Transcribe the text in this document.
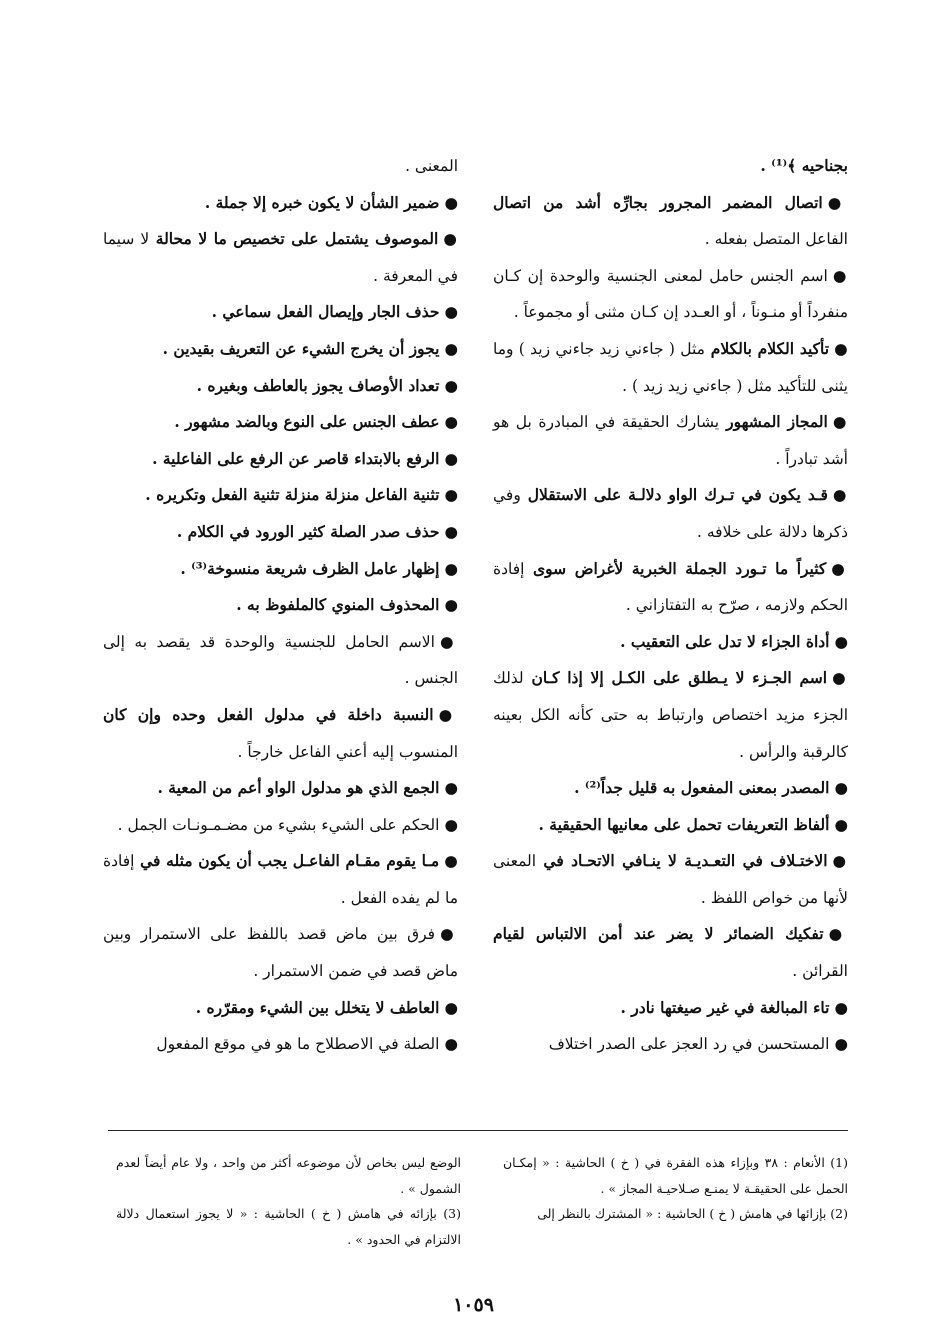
بجناحيه ﴾⁽¹⁾ .

●اتصال المضمر المجرور بجارِّه أشد من اتصال الفاعل المتصل بفعله .

●اسم الجنس حامل لمعنى الجنسية والوحدة إن كـان منفرداً أو منـوناً ، أو العـدد إن كـان مثنى أو مجموعاً .

●تأكيد الكلام بالكلام مثل ( جاءني زيد جاءني زيد ) وما يثنى للتأكيد مثل ( جاءني زيد زيد ) .

●المجاز المشهور يشارك الحقيقة في المبادرة بل هو أشد تبادراً .

●قـد يكون في تـرك الواو دلالـة على الاستقلال وفي ذكرها دلالة على خلافه .

●كثيراً ما تـورد الجملة الخبرية لأغراض سوى إفادة الحكم ولازمه ، صرّح به التفتازاني .

●أداة الجزاء لا تدل على التعقيب .

●اسم الجـزء لا يـطلق على الكـل إلا إذا كـان لذلك الجزء مزيد اختصاص وارتباط به حتى كأنه الكل بعينه كالرقبة والرأس .

●المصدر بمعنى المفعول به قليل جداً⁽²⁾ .

●ألفاظ التعريفات تحمل على معانيها الحقيقية .

●الاختـلاف في التعـديـة لا ينـافي الاتحـاد في المعنى لأنها من خواص اللفظ .

●تفكيك الضمائر لا يضر عند أمن الالتباس لقيام القرائن .

●تاء المبالغة في غير صيغتها نادر .

●المستحسن في رد العجز على الصدر اختلاف

المعنى .

●ضمير الشأن لا يكون خبره إلا جملة .

●الموصوف يشتمل على تخصيص ما لا محالة لا سيما في المعرفة .

●حذف الجار وإيصال الفعل سماعي .

●يجوز أن يخرج الشيء عن التعريف بقيدين .

●تعداد الأوصاف يجوز بالعاطف وبغيره .

●عطف الجنس على النوع وبالضد مشهور .

●الرفع بالابتداء قاصر عن الرفع على الفاعلية .

●تثنية الفاعل منزلة منزلة تثنية الفعل وتكريره .

●حذف صدر الصلة كثير الورود في الكلام .

●إظهار عامل الظرف شريعة منسوخة⁽³⁾ .

●المحذوف المنوي كالملفوظ به .

●الاسم الحامل للجنسية والوحدة قد يقصد به إلى الجنس .

●النسبة داخلة في مدلول الفعل وحده وإن كان المنسوب إليه أعني الفاعل خارجاً .

●الجمع الذي هو مدلول الواو أعم من المعية .

●الحكم على الشيء بشيء من مضـمـونـات الجمل .

●مـا يقوم مقـام الفاعـل يجب أن يكون مثله في إفادة ما لم يفده الفعل .

●فرق بين ماض قصد باللفظ على الاستمرار وبين ماض قصد في ضمن الاستمرار .

●العاطف لا يتخلل بين الشيء ومقرّره .

●الصلة في الاصطلاح ما هو في موقع المفعول

(1) الأنعام : ٣٨ وبإزاء هذه الفقرة في ( خ ) الحاشية : « إمكـان الحمل على الحقيقـة لا يمنـع صـلاحيـة المجاز » .

(2) بإزائها في هامش ( خ ) الحاشية : « المشترك بالنظر إلى

الوضع ليس بخاص لأن موضوعه أكثر من واحد ، ولا عام أيضاً لعدم الشمول » .

(3) بإزائه في هامش ( خ ) الحاشية : « لا يجوز استعمال دلالة الالتزام في الحدود » .

١٠٥٩
